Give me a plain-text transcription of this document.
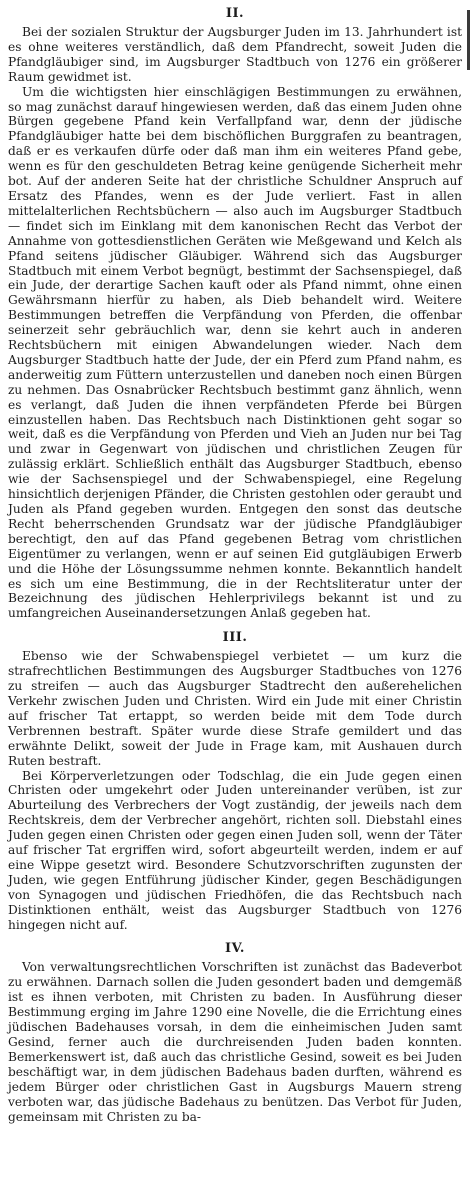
II.

Bei der sozialen Struktur der Augsburger Juden im 13. Jahrhundert ist es ohne weiteres verständlich, daß dem Pfandrecht, soweit Juden die Pfandgläubiger sind, im Augsburger Stadtbuch von 1276 ein größerer Raum gewidmet ist.

Um die wichtigsten hier einschlägigen Bestimmungen zu erwähnen, so mag zunächst darauf hingewiesen werden, daß das einem Juden ohne Bürgen gegebene Pfand kein Verfallpfand war, denn der jüdische Pfandgläubiger hatte bei dem bischöflichen Burggrafen zu beantragen, daß er es verkaufen dürfe oder daß man ihm ein weiteres Pfand gebe, wenn es für den geschuldeten Betrag keine genügende Sicherheit mehr bot. Auf der anderen Seite hat der christliche Schuldner Anspruch auf Ersatz des Pfandes, wenn es der Jude verliert. Fast in allen mittelalterlichen Rechtsbüchern — also auch im Augsburger Stadtbuch — findet sich im Einklang mit dem kanonischen Recht das Verbot der Annahme von gottesdienstlichen Geräten wie Meßgewand und Kelch als Pfand seitens jüdischer Gläubiger. Während sich das Augsburger Stadtbuch mit einem Verbot begnügt, bestimmt der Sachsenspiegel, daß ein Jude, der derartige Sachen kauft oder als Pfand nimmt, ohne einen Gewährsmann hierfür zu haben, als Dieb behandelt wird. Weitere Bestimmungen betreffen die Verpfändung von Pferden, die offenbar seinerzeit sehr gebräuchlich war, denn sie kehrt auch in anderen Rechtsbüchern mit einigen Abwandelungen wieder. Nach dem Augsburger Stadtbuch hatte der Jude, der ein Pferd zum Pfand nahm, es anderweitig zum Füttern unterzustellen und daneben noch einen Bürgen zu nehmen. Das Osnabrücker Rechtsbuch bestimmt ganz ähnlich, wenn es verlangt, daß Juden die ihnen verpfändeten Pferde bei Bürgen einzustellen haben. Das Rechtsbuch nach Distinktionen geht sogar so weit, daß es die Verpfändung von Pferden und Vieh an Juden nur bei Tag und zwar in Gegenwart von jüdischen und christlichen Zeugen für zulässig erklärt. Schließlich enthält das Augsburger Stadtbuch, ebenso wie der Sachsenspiegel und der Schwabenspiegel, eine Regelung hinsichtlich derjenigen Pfänder, die Christen gestohlen oder geraubt und Juden als Pfand gegeben wurden. Entgegen den sonst das deutsche Recht beherrschenden Grundsatz war der jüdische Pfandgläubiger berechtigt, den auf das Pfand gegebenen Betrag vom christlichen Eigentümer zu verlangen, wenn er auf seinen Eid gutgläubigen Erwerb und die Höhe der Lösungssumme nehmen konnte. Bekanntlich handelt es sich um eine Bestimmung, die in der Rechtsliteratur unter der Bezeichnung des jüdischen Hehlerprivilegs bekannt ist und zu umfangreichen Auseinandersetzungen Anlaß gegeben hat.

III.

Ebenso wie der Schwabenspiegel verbietet — um kurz die strafrechtlichen Bestimmungen des Augsburger Stadtbuches von 1276 zu streifen — auch das Augsburger Stadtrecht den außerehelichen Verkehr zwischen Juden und Christen. Wird ein Jude mit einer Christin auf frischer Tat ertappt, so werden beide mit dem Tode durch Verbrennen bestraft. Später wurde diese Strafe gemildert und das erwähnte Delikt, soweit der Jude in Frage kam, mit Aushauen durch Ruten bestraft.

Bei Körperverletzungen oder Todschlag, die ein Jude gegen einen Christen oder umgekehrt oder Juden untereinander verüben, ist zur Aburteilung des Verbrechers der Vogt zuständig, der jeweils nach dem Rechtskreis, dem der Verbrecher angehört, richten soll. Diebstahl eines Juden gegen einen Christen oder gegen einen Juden soll, wenn der Täter auf frischer Tat ergriffen wird, sofort abgeurteilt werden, indem er auf eine Wippe gesetzt wird. Besondere Schutzvorschriften zugunsten der Juden, wie gegen Entführung jüdischer Kinder, gegen Beschädigungen von Synagogen und jüdischen Friedhöfen, die das Rechtsbuch nach Distinktionen enthält, weist das Augsburger Stadtbuch von 1276 hingegen nicht auf.

IV.

Von verwaltungsrechtlichen Vorschriften ist zunächst das Badeverbot zu erwähnen. Darnach sollen die Juden gesondert baden und demgemäß ist es ihnen verboten, mit Christen zu baden. In Ausführung dieser Bestimmung erging im Jahre 1290 eine Novelle, die die Errichtung eines jüdischen Badehauses vorsah, in dem die einheimischen Juden samt Gesind, ferner auch die durchreisenden Juden baden konnten. Bemerkenswert ist, daß auch das christliche Gesind, soweit es bei Juden beschäftigt war, in dem jüdischen Badehaus baden durften, während es jedem Bürger oder christlichen Gast in Augsburgs Mauern streng verboten war, das jüdische Badehaus zu benützen. Das Verbot für Juden, gemeinsam mit Christen zu ba-
